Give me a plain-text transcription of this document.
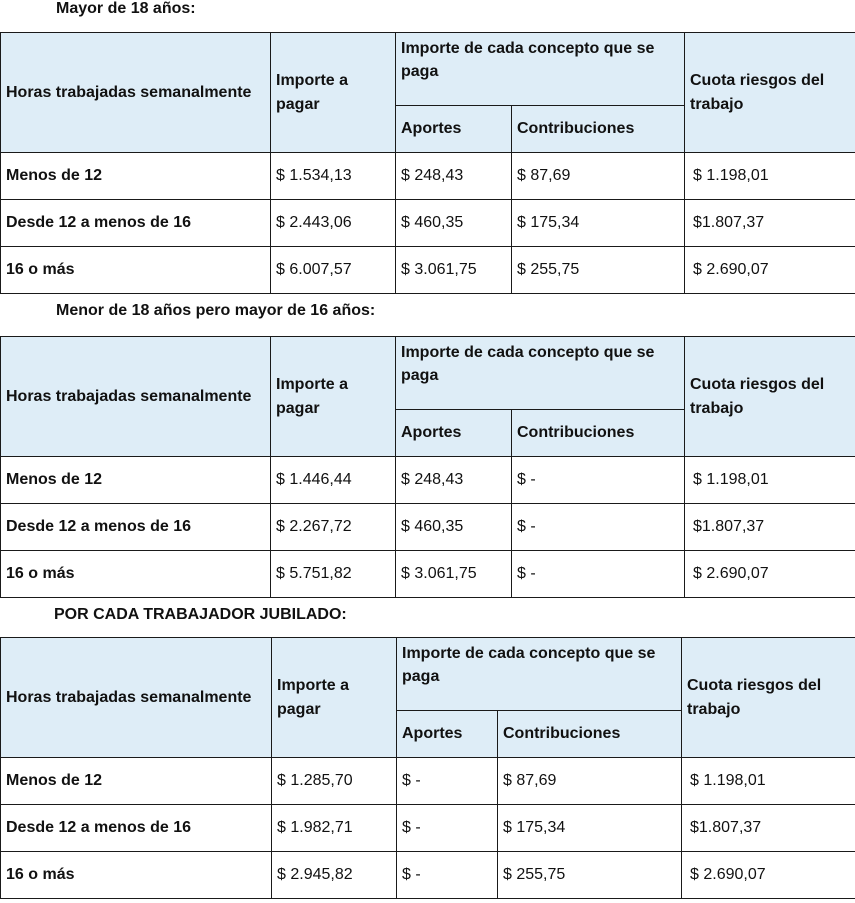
Mayor de 18 años:
Horas trabajadas semanalmente	Importe a pagar	Importe de cada concepto que se paga		Cuota riesgos del trabajo
		Aportes	Contribuciones	
Menos de 12	$ 1.534,13	$ 248,43	$ 87,69	$ 1.198,01
Desde 12 a menos de 16	$ 2.443,06	$ 460,35	$ 175,34	$1.807,37
16 o más	$ 6.007,57	$ 3.061,75	$ 255,75	$ 2.690,07
Menor de 18 años pero mayor de 16 años:
Horas trabajadas semanalmente	Importe a pagar	Importe de cada concepto que se paga		Cuota riesgos del trabajo
		Aportes	Contribuciones	
Menos de 12	$ 1.446,44	$ 248,43	$ -	$ 1.198,01
Desde 12 a menos de 16	$ 2.267,72	$ 460,35	$ -	$1.807,37
16 o más	$ 5.751,82	$ 3.061,75	$ -	$ 2.690,07
POR CADA TRABAJADOR JUBILADO:
Horas trabajadas semanalmente	Importe a pagar	Importe de cada concepto que se paga		Cuota riesgos del trabajo
		Aportes	Contribuciones	
Menos de 12	$ 1.285,70	$ -	$ 87,69	$ 1.198,01
Desde 12 a menos de 16	$ 1.982,71	$ -	$ 175,34	$1.807,37
16 o más	$ 2.945,82	$ -	$ 255,75	$ 2.690,07
